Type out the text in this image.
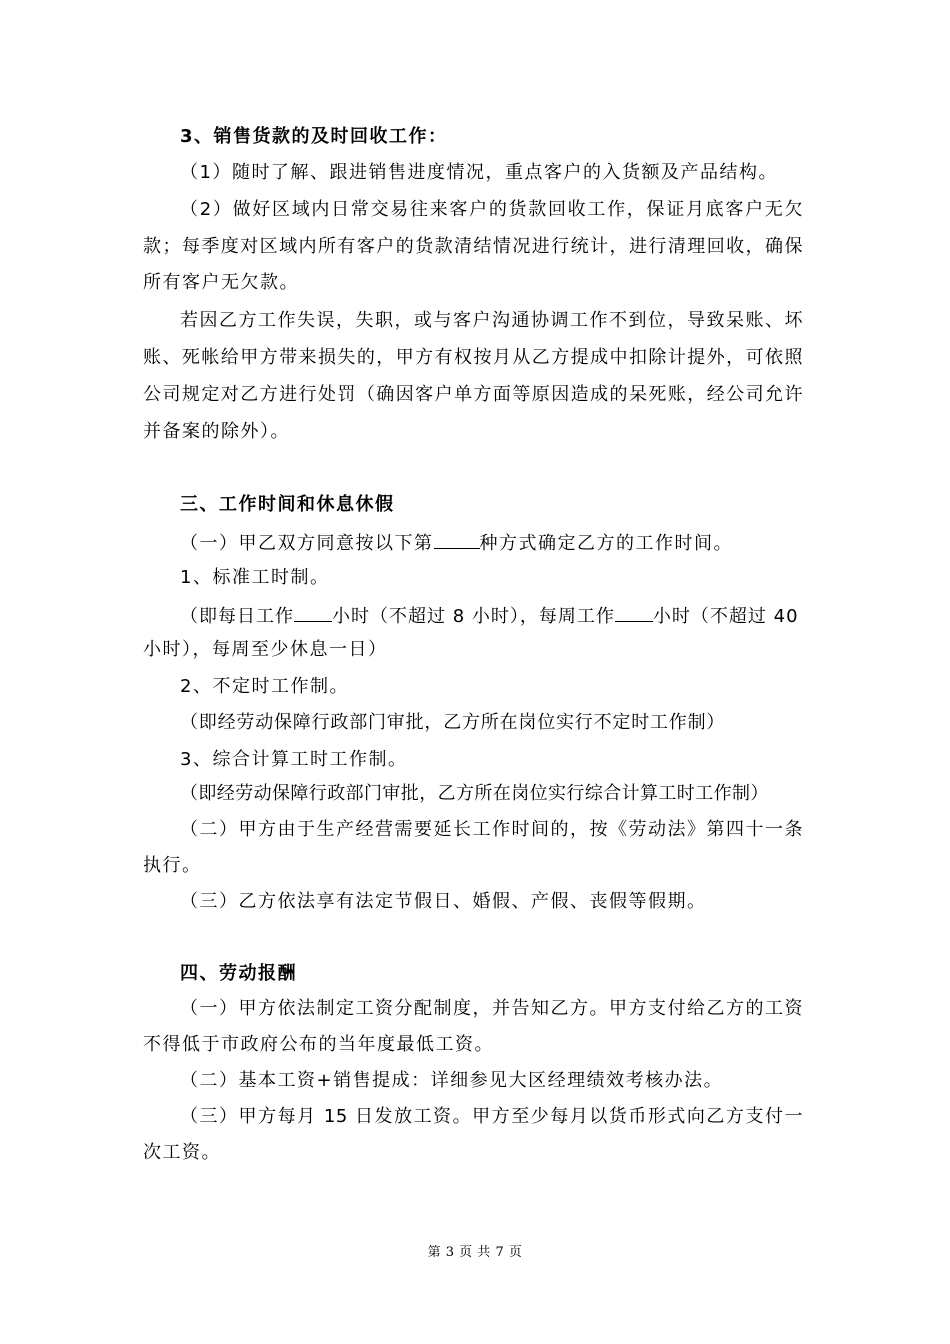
3、销售货款的及时回收工作：
（1）随时了解、跟进销售进度情况，重点客户的入货额及产品结构。
（2）做好区域内日常交易往来客户的货款回收工作，保证月底客户无欠
款；每季度对区域内所有客户的货款清结情况进行统计，进行清理回收，确保
所有客户无欠款。
若因乙方工作失误，失职，或与客户沟通协调工作不到位，导致呆账、坏
账、死帐给甲方带来损失的，甲方有权按月从乙方提成中扣除计提外，可依照
公司规定对乙方进行处罚（确因客户单方面等原因造成的呆死账，经公司允许
并备案的除外）。
三、工作时间和休息休假
（一）甲乙双方同意按以下第	种方式确定乙方的工作时间。
1、标准工时制。
（即每日工作 小时（不超过 8 小时），每周工作 小时（不超过 40
小时），每周至少休息一日）
2、不定时工作制。
（即经劳动保障行政部门审批，乙方所在岗位实行不定时工作制）
3、综合计算工时工作制。
（即经劳动保障行政部门审批，乙方所在岗位实行综合计算工时工作制）
（二）甲方由于生产经营需要延长工作时间的，按《劳动法》第四十一条
执行。
（三）乙方依法享有法定节假日、婚假、产假、丧假等假期。
四、劳动报酬
（一）甲方依法制定工资分配制度，并告知乙方。甲方支付给乙方的工资
不得低于市政府公布的当年度最低工资。
（二）基本工资+销售提成：详细参见大区经理绩效考核办法。
（三）甲方每月 15 日发放工资。甲方至少每月以货币形式向乙方支付一
次工资。
第 3 页 共 7 页
